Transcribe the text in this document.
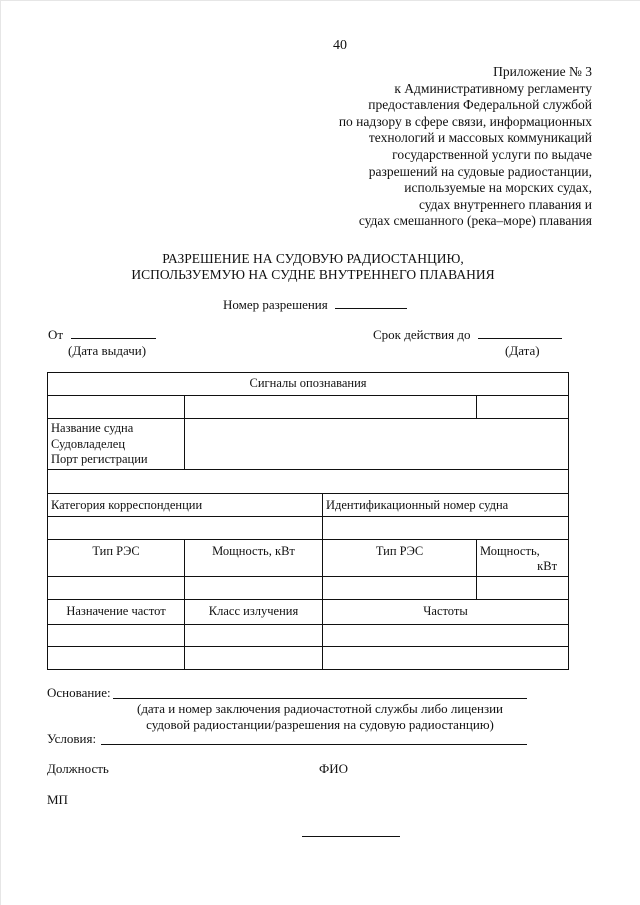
40
Приложение № 3
к Административному регламенту
предоставления Федеральной службой
по надзору в сфере связи, информационных
технологий и массовых коммуникаций
государственной услуги по выдаче
разрешений на судовые радиостанции,
используемые на морских судах,
судах внутреннего плавания и
судах смешанного (река–море) плавания
РАЗРЕШЕНИЕ НА СУДОВУЮ РАДИОСТАНЦИЮ,
ИСПОЛЬЗУЕМУЮ НА СУДНЕ ВНУТРЕННЕГО ПЛАВАНИЯ
Номер разрешения
От
(Дата выдачи)
Срок действия до
(Дата)
Сигналы опознавания			

Название судна
Судовладелец
Порт регистрации			

Категория корреспонденции		Идентификационный номер судна	

Тип РЭС	Мощность, кВт	Тип РЭС	Мощность,
кВт

Назначение частот	Класс излучения	Частоты	

Основание:
(дата и номер заключения радиочастотной службы либо лицензии
судовой радиостанции/разрешения на судовую радиостанцию)
Условия:
Должность	ФИО
МП
